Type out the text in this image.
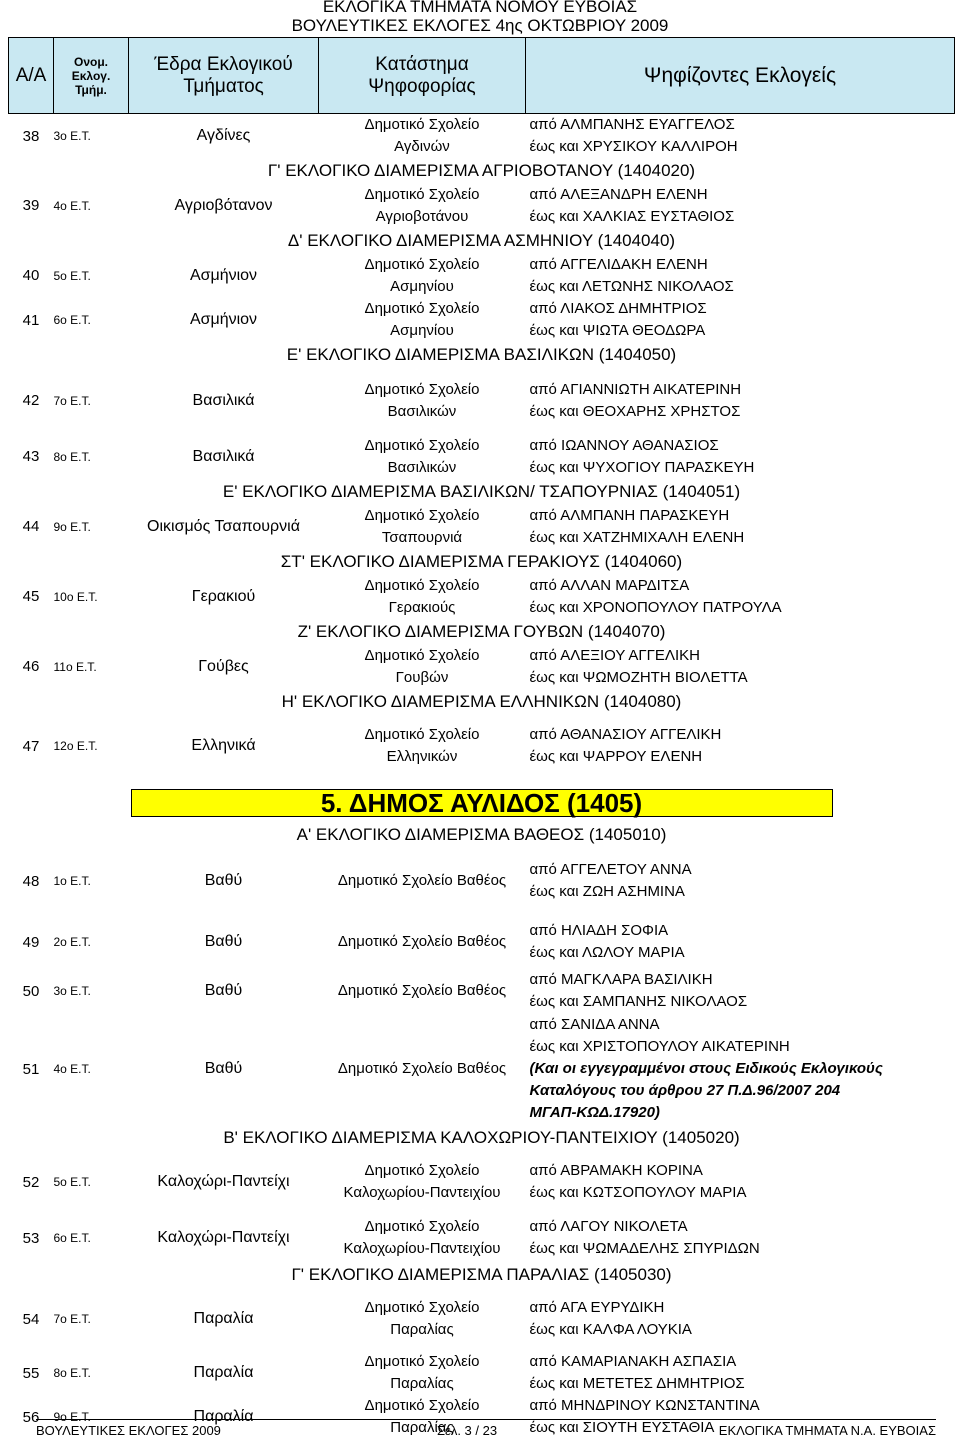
ΕΚΛΟΓΙΚΑ ΤΜΗΜΑΤΑ ΝΟΜΟΥ ΕΥΒΟΙΑΣ
ΒΟΥΛΕΥΤΙΚΕΣ ΕΚΛΟΓΕΣ 4ης ΟΚΤΩΒΡΙΟΥ 2009
Α/Α	Ονομ.
Εκλογ.
Τμήμ.	Έδρα Εκλογικού
Τμήματος	Κατάστημα
Ψηφοφορίας	Ψηφίζοντες Εκλογείς
38	3ο Ε.Τ.	Αγδίνες	Δημοτικό Σχολείο
Αγδινών	από ΑΛΜΠΑΝΗΣ ΕΥΑΓΓΕΛΟΣ
έως και ΧΡΥΣΙΚΟΥ ΚΑΛΛΙΡΟΗ
Γ' ΕΚΛΟΓΙΚΟ ΔΙΑΜΕΡΙΣΜΑ ΑΓΡΙΟΒΟΤΑΝΟΥ (1404020)				
39	4ο Ε.Τ.	Αγριοβότανον	Δημοτικό Σχολείο
Αγριοβοτάνου	από ΑΛΕΞΑΝΔΡΗ ΕΛΕΝΗ
έως και ΧΑΛΚΙΑΣ ΕΥΣΤΑΘΙΟΣ
Δ' ΕΚΛΟΓΙΚΟ ΔΙΑΜΕΡΙΣΜΑ ΑΣΜΗΝΙΟΥ (1404040)				
40	5ο Ε.Τ.	Ασμήνιον	Δημοτικό Σχολείο
Ασμηνίου	από ΑΓΓΕΛΙΔΑΚΗ ΕΛΕΝΗ
έως και ΛΕΤΩΝΗΣ ΝΙΚΟΛΑΟΣ
41	6ο Ε.Τ.	Ασμήνιον	Δημοτικό Σχολείο
Ασμηνίου	από ΛΙΑΚΟΣ ΔΗΜΗΤΡΙΟΣ
έως και ΨΙΩΤΑ ΘΕΟΔΩΡΑ
Ε' ΕΚΛΟΓΙΚΟ ΔΙΑΜΕΡΙΣΜΑ ΒΑΣΙΛΙΚΩΝ (1404050)				
42	7ο Ε.Τ.	Βασιλικά	Δημοτικό Σχολείο
Βασιλικών	από ΑΓΙΑΝΝΙΩΤΗ ΑΙΚΑΤΕΡΙΝΗ
έως και ΘΕΟΧΑΡΗΣ ΧΡΗΣΤΟΣ
43	8ο Ε.Τ.	Βασιλικά	Δημοτικό Σχολείο
Βασιλικών	από ΙΩΑΝΝΟΥ ΑΘΑΝΑΣΙΟΣ
έως και ΨΥΧΟΓΙΟΥ ΠΑΡΑΣΚΕΥΗ
Ε' ΕΚΛΟΓΙΚΟ ΔΙΑΜΕΡΙΣΜΑ ΒΑΣΙΛΙΚΩΝ/ ΤΣΑΠΟΥΡΝΙΑΣ (1404051)				
44	9ο Ε.Τ.	Οικισμός Τσαπουρνιά	Δημοτικό Σχολείο
Τσαπουρνιά	από ΑΛΜΠΑΝΗ ΠΑΡΑΣΚΕΥΗ
έως και ΧΑΤΖΗΜΙΧΑΛΗ ΕΛΕΝΗ
ΣΤ' ΕΚΛΟΓΙΚΟ ΔΙΑΜΕΡΙΣΜΑ ΓΕΡΑΚΙΟΥΣ (1404060)				
45	10ο Ε.Τ.	Γερακιού	Δημοτικό Σχολείο
Γερακιούς	από ΑΛΛΑΝ ΜΑΡΔΙΤΣΑ
έως και ΧΡΟΝΟΠΟΥΛΟΥ ΠΑΤΡΟΥΛΑ
Ζ' ΕΚΛΟΓΙΚΟ ΔΙΑΜΕΡΙΣΜΑ ΓΟΥΒΩΝ (1404070)				
46	11ο Ε.Τ.	Γούβες	Δημοτικό Σχολείο
Γουβών	από ΑΛΕΞΙΟΥ ΑΓΓΕΛΙΚΗ
έως και ΨΩΜΟΖΗΤΗ ΒΙΟΛΕΤΤΑ
Η' ΕΚΛΟΓΙΚΟ ΔΙΑΜΕΡΙΣΜΑ ΕΛΛΗΝΙΚΩΝ (1404080)				
47	12ο Ε.Τ.	Ελληνικά	Δημοτικό Σχολείο
Ελληνικών	από ΑΘΑΝΑΣΙΟΥ ΑΓΓΕΛΙΚΗ
έως και ΨΑΡΡΟΥ ΕΛΕΝΗ
5. ΔΗΜΟΣ ΑΥΛΙΔΟΣ (1405)				
Α' ΕΚΛΟΓΙΚΟ ΔΙΑΜΕΡΙΣΜΑ ΒΑΘΕΟΣ (1405010)				
48	1ο Ε.Τ.	Βαθύ	Δημοτικό Σχολείο Βαθέος	από ΑΓΓΕΛΕΤΟΥ ΑΝΝΑ
έως και ΖΩΗ ΑΣΗΜΙΝΑ
49	2ο Ε.Τ.	Βαθύ	Δημοτικό Σχολείο Βαθέος	από ΗΛΙΑΔΗ ΣΟΦΙΑ
έως και ΛΩΛΟΥ ΜΑΡΙΑ
50	3ο Ε.Τ.	Βαθύ	Δημοτικό Σχολείο Βαθέος	από ΜΑΓΚΛΑΡΑ ΒΑΣΙΛΙΚΗ
έως και ΣΑΜΠΑΝΗΣ ΝΙΚΟΛΑΟΣ
51	4ο Ε.Τ.	Βαθύ	Δημοτικό Σχολείο Βαθέος	από ΣΑΝΙΔΑ ΑΝΝΑ
έως και ΧΡΙΣΤΟΠΟΥΛΟΥ ΑΙΚΑΤΕΡΙΝΗ
(Και οι εγγεγραμμένοι στους Ειδικούς Εκλογικούς
Καταλόγους του άρθρου 27 Π.Δ.96/2007 204
ΜΓΑΠ-ΚΩΔ.17920)
Β' ΕΚΛΟΓΙΚΟ ΔΙΑΜΕΡΙΣΜΑ ΚΑΛΟΧΩΡΙΟΥ-ΠΑΝΤΕΙΧΙΟΥ (1405020)				
52	5ο Ε.Τ.	Καλοχώρι-Παντείχι	Δημοτικό Σχολείο
Καλοχωρίου-Παντειχίου	από ΑΒΡΑΜΑΚΗ ΚΟΡΙΝΑ
έως και ΚΩΤΣΟΠΟΥΛΟΥ ΜΑΡΙΑ
53	6ο Ε.Τ.	Καλοχώρι-Παντείχι	Δημοτικό Σχολείο
Καλοχωρίου-Παντειχίου	από ΛΑΓΟΥ ΝΙΚΟΛΕΤΑ
έως και ΨΩΜΑΔΕΛΗΣ ΣΠΥΡΙΔΩΝ
Γ' ΕΚΛΟΓΙΚΟ ΔΙΑΜΕΡΙΣΜΑ ΠΑΡΑΛΙΑΣ (1405030)				
54	7ο Ε.Τ.	Παραλία	Δημοτικό Σχολείο
Παραλίας	από ΑΓΑ ΕΥΡΥΔΙΚΗ
έως και ΚΑΛΦΑ ΛΟΥΚΙΑ
55	8ο Ε.Τ.	Παραλία	Δημοτικό Σχολείο
Παραλίας	από ΚΑΜΑΡΙΑΝΑΚΗ ΑΣΠΑΣΙΑ
έως και ΜΕΤΕΤΕΣ ΔΗΜΗΤΡΙΟΣ
56	9ο Ε.Τ.	Παραλία	Δημοτικό Σχολείο
Παραλίας	από ΜΗΝΔΡΙΝΟΥ ΚΩΝΣΤΑΝΤΙΝΑ
έως και ΣΙΟΥΤΗ ΕΥΣΤΑΘΙΑ
ΒΟΥΛΕΥΤΙΚΕΣ ΕΚΛΟΓΕΣ 2009	Σελ. 3 / 23	ΕΚΛΟΓΙΚΑ ΤΜΗΜΑΤΑ Ν.Α. ΕΥΒΟΙΑΣ
